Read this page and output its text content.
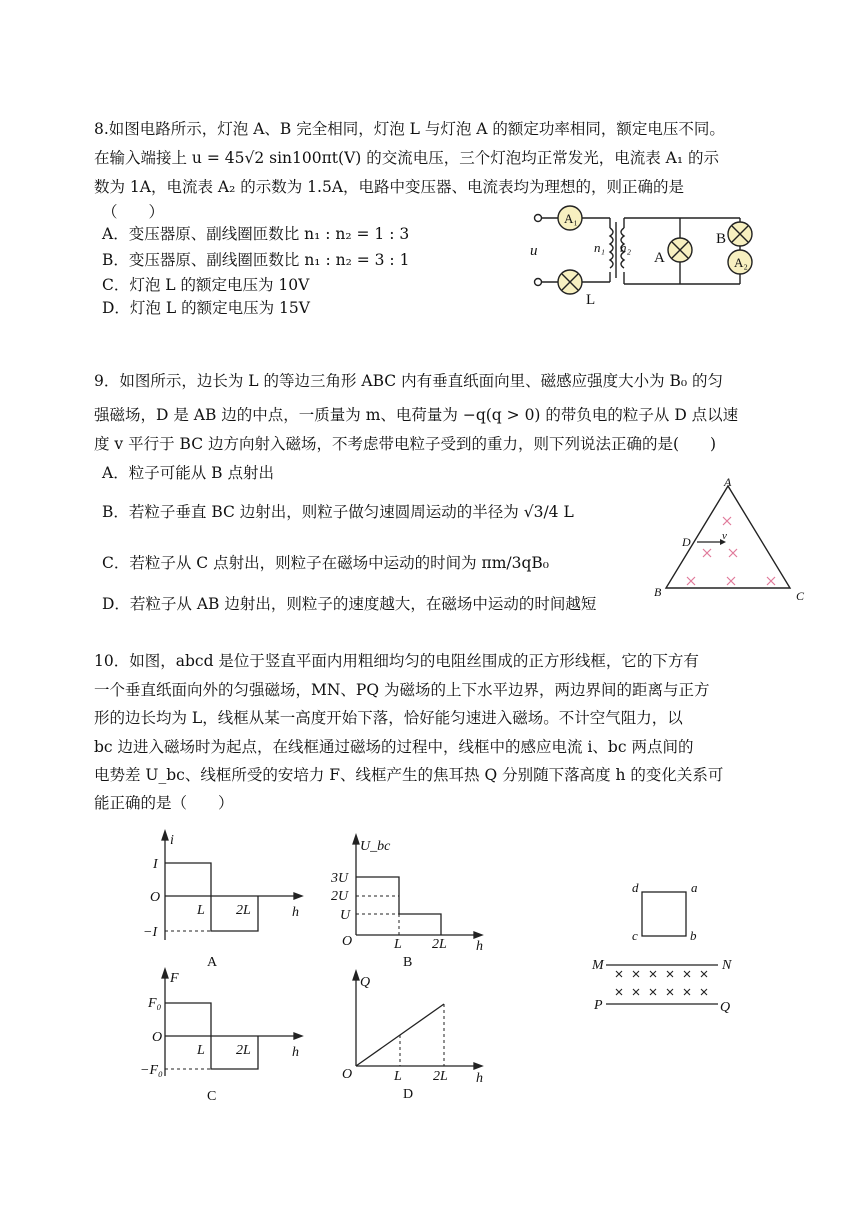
8.如图电路所示，灯泡 A、B 完全相同，灯泡 L 与灯泡 A 的额定功率相同，额定电压不同。
在输入端接上 u = 45√2 sin100πt(V) 的交流电压，三个灯泡均正常发光，电流表 A₁ 的示
数为 1A，电流表 A₂ 的示数为 1.5A，电路中变压器、电流表均为理想的，则正确的是
（　　）
A．变压器原、副线圈匝数比 n₁ : n₂ = 1 : 3
B．变压器原、副线圈匝数比 n₁ : n₂ = 3 : 1
C．灯泡 L 的额定电压为 10V
D．灯泡 L 的额定电压为 15V
A₁
A₂
u	n₁ n₂
A
B
L
9．如图所示，边长为 L 的等边三角形 ABC 内有垂直纸面向里、磁感应强度大小为 B₀ 的匀
强磁场，D 是 AB 边的中点，一质量为 m、电荷量为 −q(q > 0) 的带负电的粒子从 D 点以速
度 v 平行于 BC 边方向射入磁场，不考虑带电粒子受到的重力，则下列说法正确的是(　　)
A．粒子可能从 B 点射出
B．若粒子垂直 BC 边射出，则粒子做匀速圆周运动的半径为 √3/4 L
C．若粒子从 C 点射出，则粒子在磁场中运动的时间为 πm/3qB₀
D．若粒子从 AB 边射出，则粒子的速度越大，在磁场中运动的时间越短
A
B	C
D	v
10．如图，abcd 是位于竖直平面内用粗细均匀的电阻丝围成的正方形线框，它的下方有
一个垂直纸面向外的匀强磁场，MN、PQ 为磁场的上下水平边界，两边界间的距离与正方
形的边长均为 L，线框从某一高度开始下落，恰好能匀速进入磁场。不计空气阻力，以
bc 边进入磁场时为起点，在线框通过磁场的过程中，线框中的感应电流 i、bc 两点间的
电势差 U_bc、线框所受的安培力 F、线框产生的焦耳热 Q 分别随下落高度 h 的变化关系可
能正确的是（　　）
i
I
O
−I
L 2L	h
A
U_bc
3U
2U
U
O	L 2L h
B
F
F₀
O
−F₀
L 2L	h
C
Q
O	L 2L h
D
d	a
c	b
M	N
P	Q
